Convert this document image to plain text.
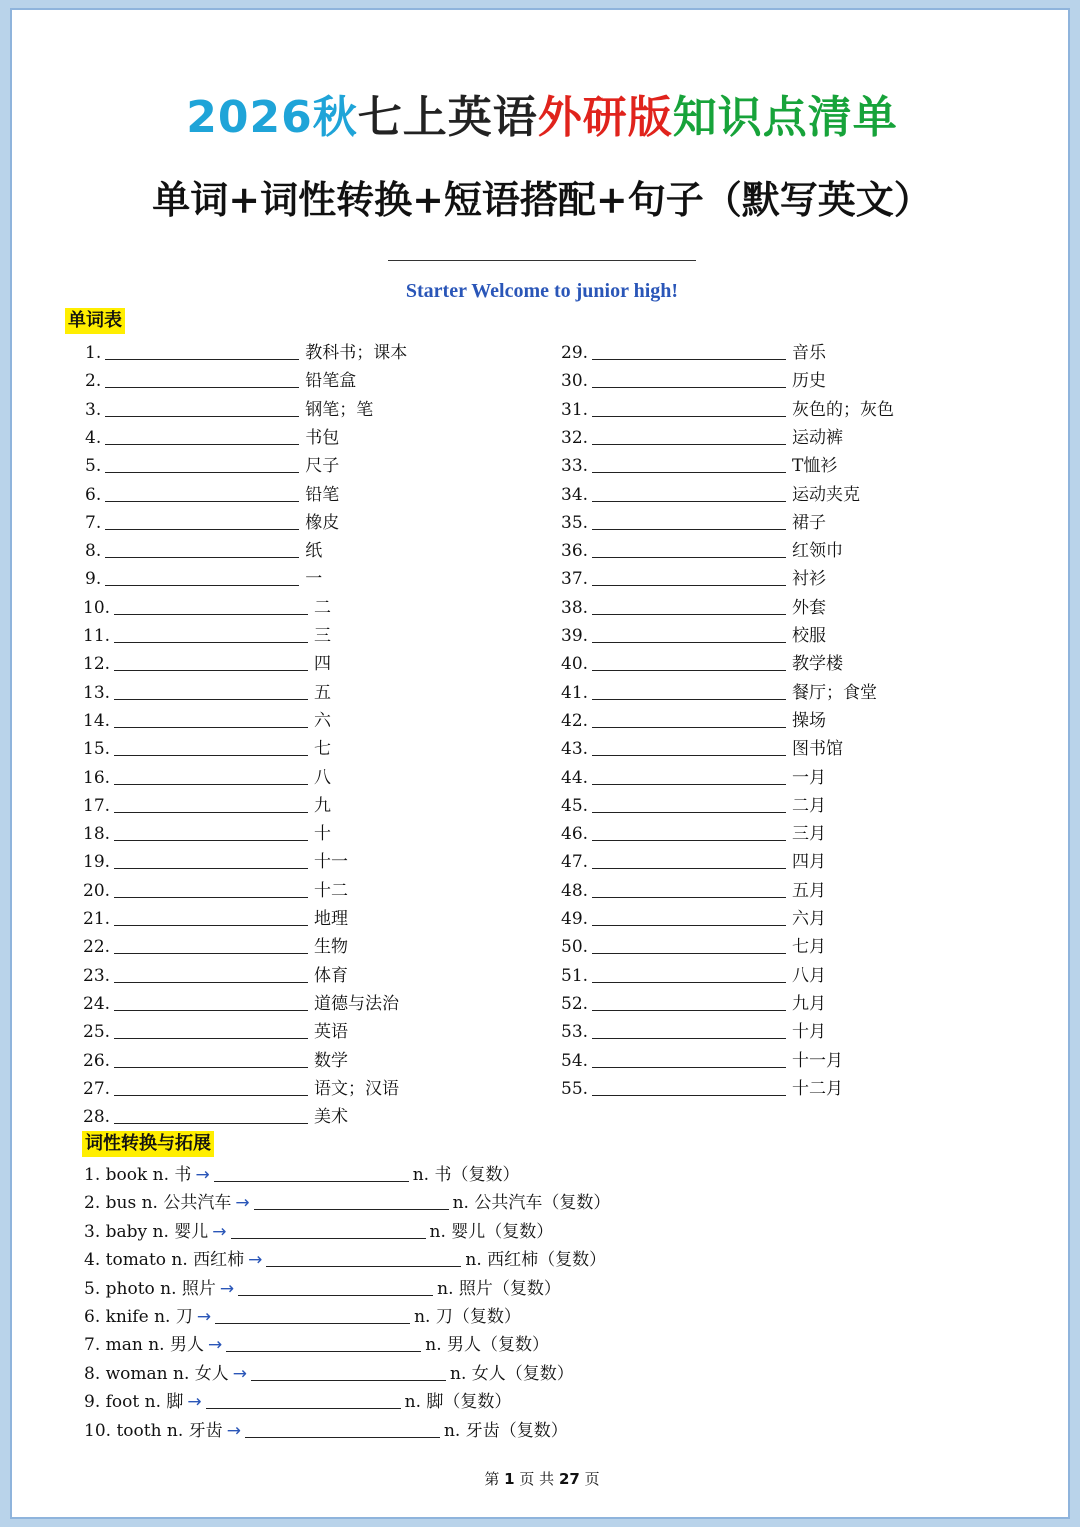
2026秋七上英语外研版知识点清单
单词+词性转换+短语搭配+句子（默写英文）
Starter Welcome to junior high!
单词表
1.	教科书；课本
2.	铅笔盒
3.	钢笔；笔
4.	书包
5.	尺子
6.	铅笔
7.	橡皮
8.	纸
9.	一
10.	二
11.	三
12.	四
13.	五
14.	六
15.	七
16.	八
17.	九
18.	十
19.	十一
20.	十二
21.	地理
22.	生物
23.	体育
24.	道德与法治
25.	英语
26.	数学
27.	语文；汉语
28.	美术
29.	音乐
30.	历史
31.	灰色的；灰色
32.	运动裤
33.	T恤衫
34.	运动夹克
35.	裙子
36.	红领巾
37.	衬衫
38.	外套
39.	校服
40.	教学楼
41.	餐厅；食堂
42.	操场
43.	图书馆
44.	一月
45.	二月
46.	三月
47.	四月
48.	五月
49.	六月
50.	七月
51.	八月
52.	九月
53.	十月
54.	十一月
55.	十二月
词性转换与拓展
1. book n. 书 →	n. 书（复数）
2. bus n. 公共汽车 →	n. 公共汽车（复数）
3. baby n. 婴儿 →	n. 婴儿（复数）
4. tomato n. 西红柿 →	n. 西红柿（复数）
5. photo n. 照片 →	n. 照片（复数）
6. knife n. 刀 →	n. 刀（复数）
7. man n. 男人 →	n. 男人（复数）
8. woman n. 女人 →	n. 女人（复数）
9. foot n. 脚 →	n. 脚（复数）
10. tooth n. 牙齿 →	n. 牙齿（复数）
第 1 页 共 27 页
